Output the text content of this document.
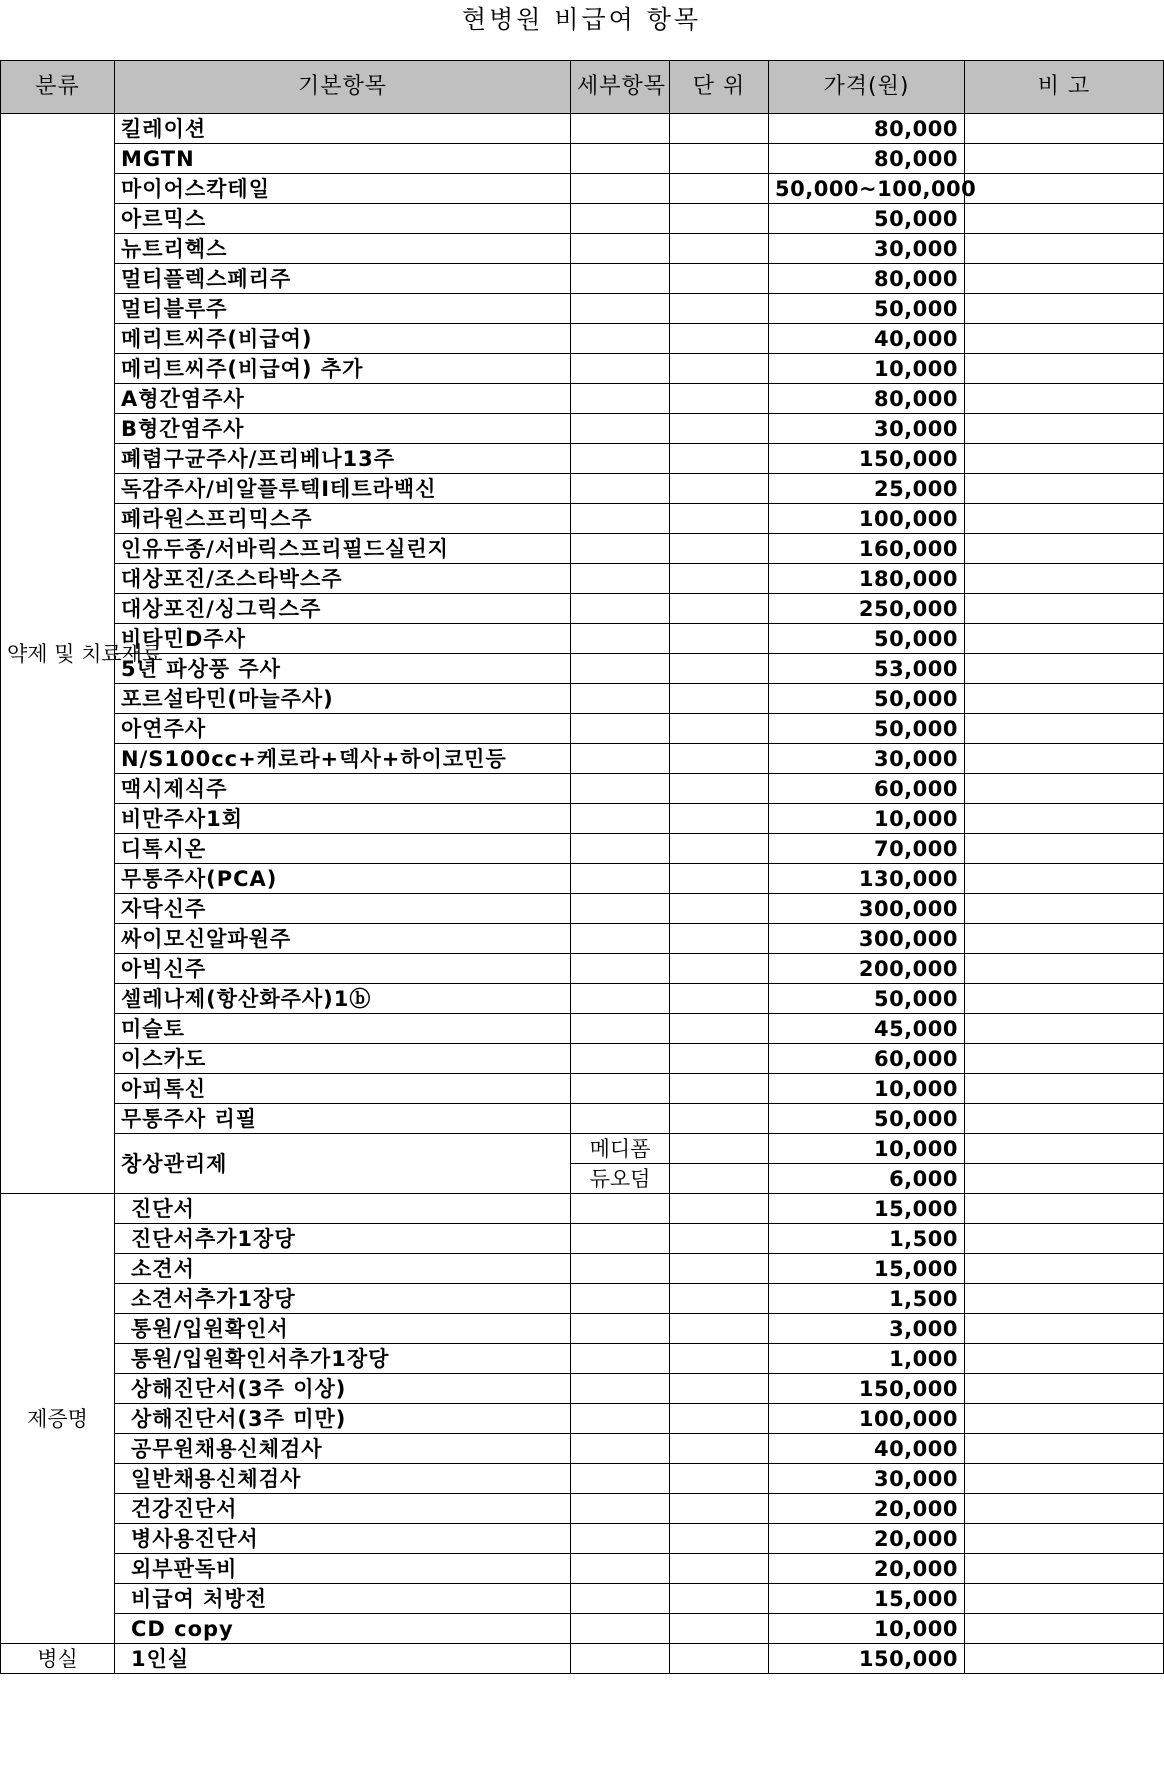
현병원 비급여 항목
분류	기본항목	세부항목	단 위	가격(원)	비 고
약제 및 치료재료	킬레이션			80,000	
	MGTN			80,000	
	마이어스칵테일			50,000~100,000	
	아르믹스			50,000	
	뉴트리헥스			30,000	
	멀티플렉스페리주			80,000	
	멀티블루주			50,000	
	메리트씨주(비급여)			40,000	
	메리트씨주(비급여) 추가			10,000	
	A형간염주사			80,000	
	B형간염주사			30,000	
	폐렴구균주사/프리베나13주			150,000	
	독감주사/비알플루텍I테트라백신			25,000	
	페라원스프리믹스주			100,000	
	인유두종/서바릭스프리필드실린지			160,000	
	대상포진/조스타박스주			180,000	
	대상포진/싱그릭스주			250,000	
	비타민D주사			50,000	
	5년 파상풍 주사			53,000	
	포르설타민(마늘주사)			50,000	
	아연주사			50,000	
	N/S100cc+케로라+덱사+하이코민등			30,000	
	맥시제식주			60,000	
	비만주사1회			10,000	
	디톡시온			70,000	
	무통주사(PCA)			130,000	
	자닥신주			300,000	
	싸이모신알파원주			300,000	
	아빅신주			200,000	
	셀레나제(항산화주사)1ⓑ			50,000	
	미슬토			45,000	
	이스카도			60,000	
	아피톡신			10,000	
	무통주사 리필			50,000	
	창상관리제	메디폼		10,000	
		듀오덤		6,000	
제증명	진단서			15,000	
	진단서추가1장당			1,500	
	소견서			15,000	
	소견서추가1장당			1,500	
	통원/입원확인서			3,000	
	통원/입원확인서추가1장당			1,000	
	상해진단서(3주 이상)			150,000	
	상해진단서(3주 미만)			100,000	
	공무원채용신체검사			40,000	
	일반채용신체검사			30,000	
	건강진단서			20,000	
	병사용진단서			20,000	
	외부판독비			20,000	
	비급여 처방전			15,000	
	CD copy			10,000	
병실	1인실			150,000	
